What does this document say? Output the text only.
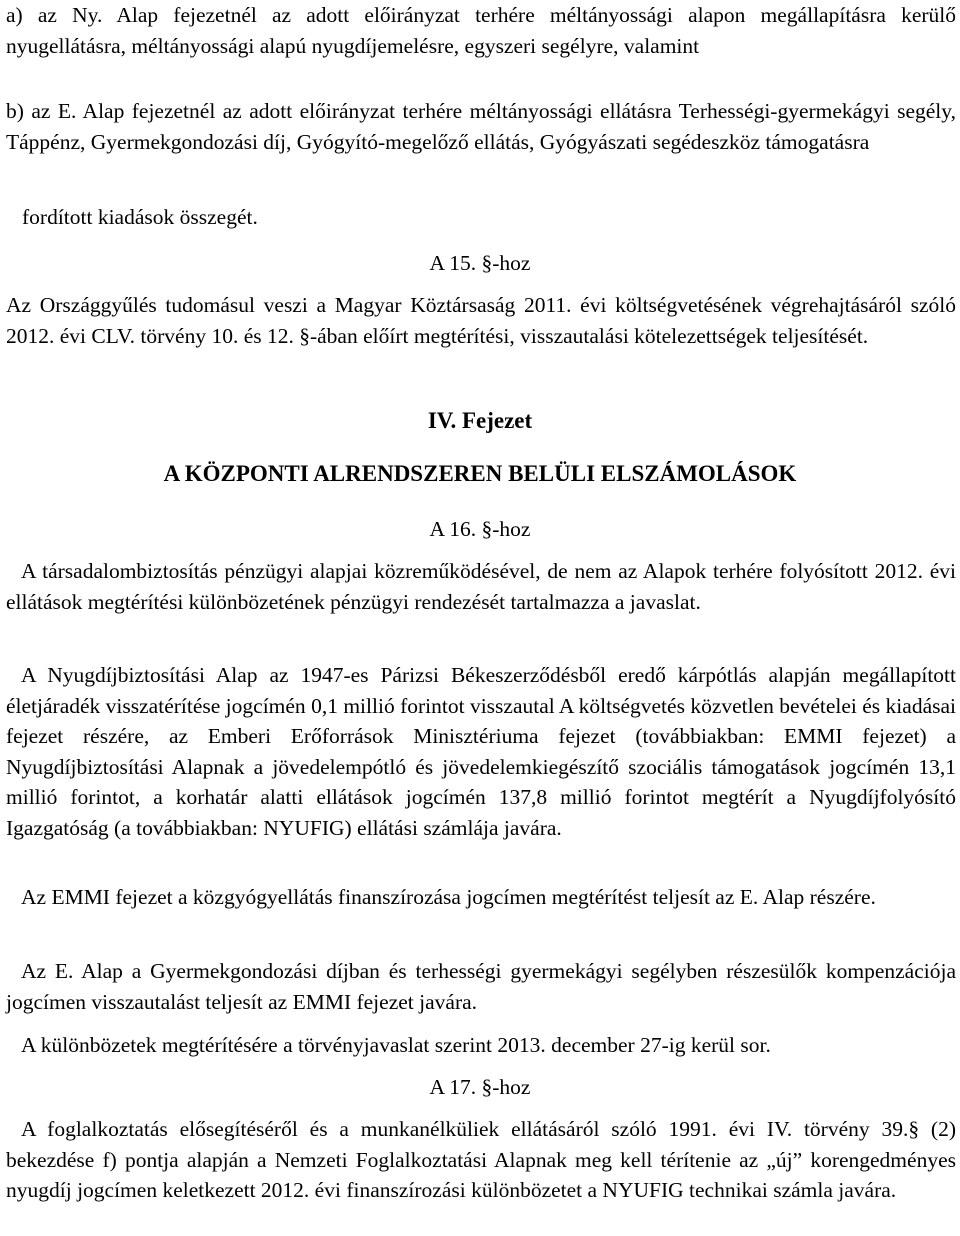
a) az Ny. Alap fejezetnél az adott előirányzat terhére méltányossági alapon megállapításra kerülő nyugellátásra, méltányossági alapú nyugdíjemelésre, egyszeri segélyre, valamint

b) az E. Alap fejezetnél az adott előirányzat terhére méltányossági ellátásra Terhességi-gyermekágyi segély, Táppénz, Gyermekgondozási díj, Gyógyító-megelőző ellátás, Gyógyászati segédeszköz támogatásra

fordított kiadások összegét.

A 15. §-hoz

Az Országgyűlés tudomásul veszi a Magyar Köztársaság 2011. évi költségvetésének végrehajtásáról szóló 2012. évi CLV. törvény 10. és 12. §-ában előírt megtérítési, visszautalási kötelezettségek teljesítését.

IV. Fejezet

A KÖZPONTI ALRENDSZEREN BELÜLI ELSZÁMOLÁSOK

A 16. §-hoz

A társadalombiztosítás pénzügyi alapjai közreműködésével, de nem az Alapok terhére folyósított 2012. évi ellátások megtérítési különbözetének pénzügyi rendezését tartalmazza a javaslat.

A Nyugdíjbiztosítási Alap az 1947-es Párizsi Békeszerződésből eredő kárpótlás alapján megállapított életjáradék visszatérítése jogcímén 0,1 millió forintot visszautal A költségvetés közvetlen bevételei és kiadásai fejezet részére, az Emberi Erőforrások Minisztériuma fejezet (továbbiakban: EMMI fejezet) a Nyugdíjbiztosítási Alapnak a jövedelempótló és jövedelemkiegészítő szociális támogatások jogcímén 13,1 millió forintot, a korhatár alatti ellátások jogcímén 137,8 millió forintot megtérít a Nyugdíjfolyósító Igazgatóság (a továbbiakban: NYUFIG) ellátási számlája javára.

Az EMMI fejezet a közgyógyellátás finanszírozása jogcímen megtérítést teljesít az E. Alap részére.

Az E. Alap a Gyermekgondozási díjban és terhességi gyermekágyi segélyben részesülők kompenzációja jogcímen visszautalást teljesít az EMMI fejezet javára.

A különbözetek megtérítésére a törvényjavaslat szerint 2013. december 27-ig kerül sor.

A 17. §-hoz

A foglalkoztatás elősegítéséről és a munkanélküliek ellátásáról szóló 1991. évi IV. törvény 39.§ (2) bekezdése f) pontja alapján a Nemzeti Foglalkoztatási Alapnak meg kell térítenie az „új” korengedményes nyugdíj jogcímen keletkezett 2012. évi finanszírozási különbözetet a NYUFIG technikai számla javára.
